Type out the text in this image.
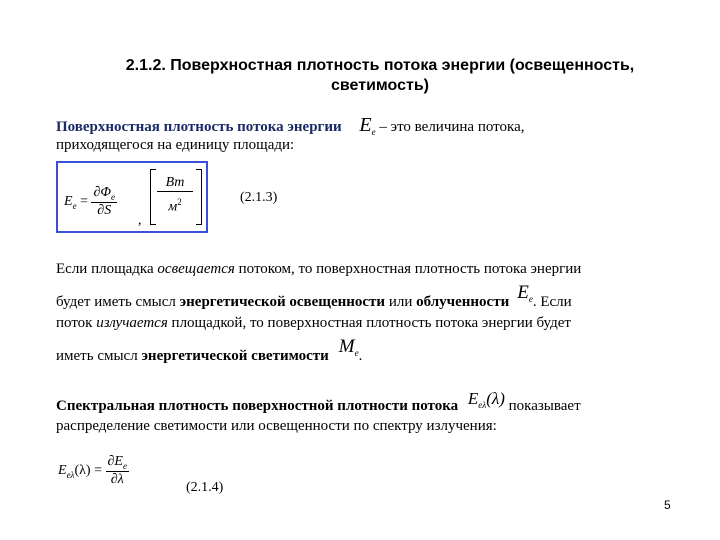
2.1.2. Поверхностная плотность потока энергии (освещенность,
светимость)
Поверхностная плотность потока энергии $E_e$ – это величина потока,
приходящегося на единицу площади:
$E_e = \frac{\partial\Phi_e}{\partial S}$
,
Вт
$м^2$	(2.1.3)
Если площадка освещается потоком, то поверхностная плотность потока энергии
будет иметь смысл энергетической освещенности или облученности $E_e$. Если
поток излучается площадкой, то поверхностная плотность потока энергии будет
иметь смысл энергетической светимости $M_e$.
Спектральная плотность поверхностной плотности потока $E_{e\lambda}(\lambda)$ показывает
распределение светимости или освещенности по спектру излучения:
$E_{e\lambda}(\lambda) = \frac{\partial E_e}{\partial\lambda}$	(2.1.4)
5
